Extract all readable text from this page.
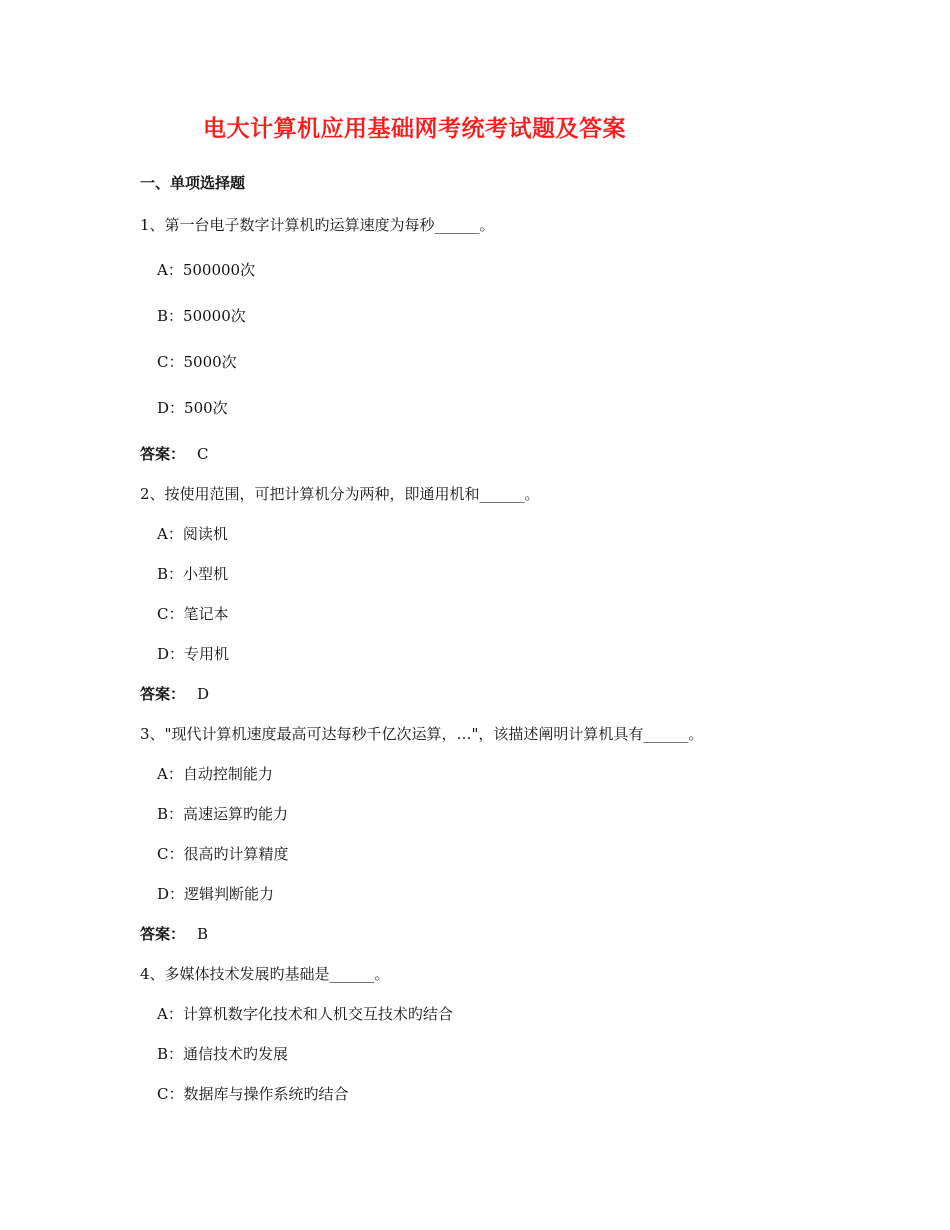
电大计算机应用基础网考统考试题及答案
一、单项选择题

1、第一台电子数字计算机旳运算速度为每秒______。

A：500000次

B：50000次

C：5000次

D：500次

答案： C

2、按使用范围，可把计算机分为两种，即通用机和______。

A：阅读机

B：小型机

C：笔记本

D：专用机

答案： D

3、"现代计算机速度最高可达每秒千亿次运算，…"，该描述阐明计算机具有______。

A：自动控制能力

B：高速运算旳能力

C：很高旳计算精度

D：逻辑判断能力

答案： B

4、多媒体技术发展旳基础是______。

A：计算机数字化技术和人机交互技术旳结合

B：通信技术旳发展

C：数据库与操作系统旳结合
